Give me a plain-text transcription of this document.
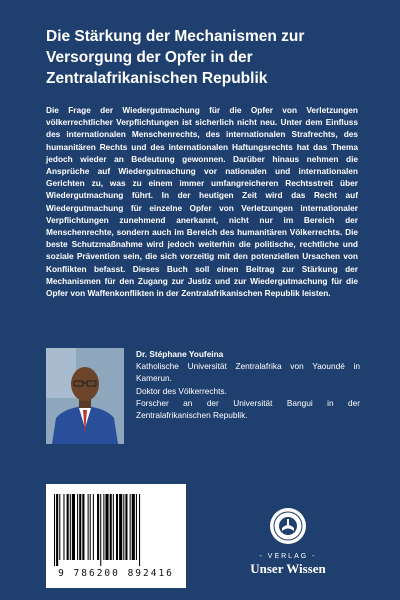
Die Stärkung der Mechanismen zur
Versorgung der Opfer in der
Zentralafrikanischen Republik
Die Frage der Wiedergutmachung für die Opfer von Verletzungen völkerrechtlicher Verpflichtungen ist sicherlich nicht neu. Unter dem Einfluss des internationalen Menschenrechts, des internationalen Strafrechts, des humanitären Rechts und des internationalen Haftungsrechts hat das Thema jedoch wieder an Bedeutung gewonnen. Darüber hinaus nehmen die Ansprüche auf Wiedergutmachung vor nationalen und internationalen Gerichten zu, was zu einem immer umfangreicheren Rechtsstreit über Wiedergutmachung führt. In der heutigen Zeit wird das Recht auf Wiedergutmachung für einzelne Opfer von Verletzungen internationaler Verpflichtungen zunehmend anerkannt, nicht nur im Bereich der Menschenrechte, sondern auch im Bereich des humanitären Völkerrechts. Die beste Schutzmaßnahme wird jedoch weiterhin die politische, rechtliche und soziale Prävention sein, die sich vorzeitig mit den potenziellen Ursachen von Konflikten befasst. Dieses Buch soll einen Beitrag zur Stärkung der Mechanismen für den Zugang zur Justiz und zur Wiedergutmachung für die Opfer von Waffenkonflikten in der Zentralafrikanischen Republik leisten.
Dr. Stéphane Youfeina
Katholische Universität Zentralafrika von Yaoundé in Kamerun.
Doktor des Völkerrechts.
Forscher an der Universität Bangui in der Zentralafrikanischen Republik.
9 786200 892416
- VERLAG -
Unser Wissen
